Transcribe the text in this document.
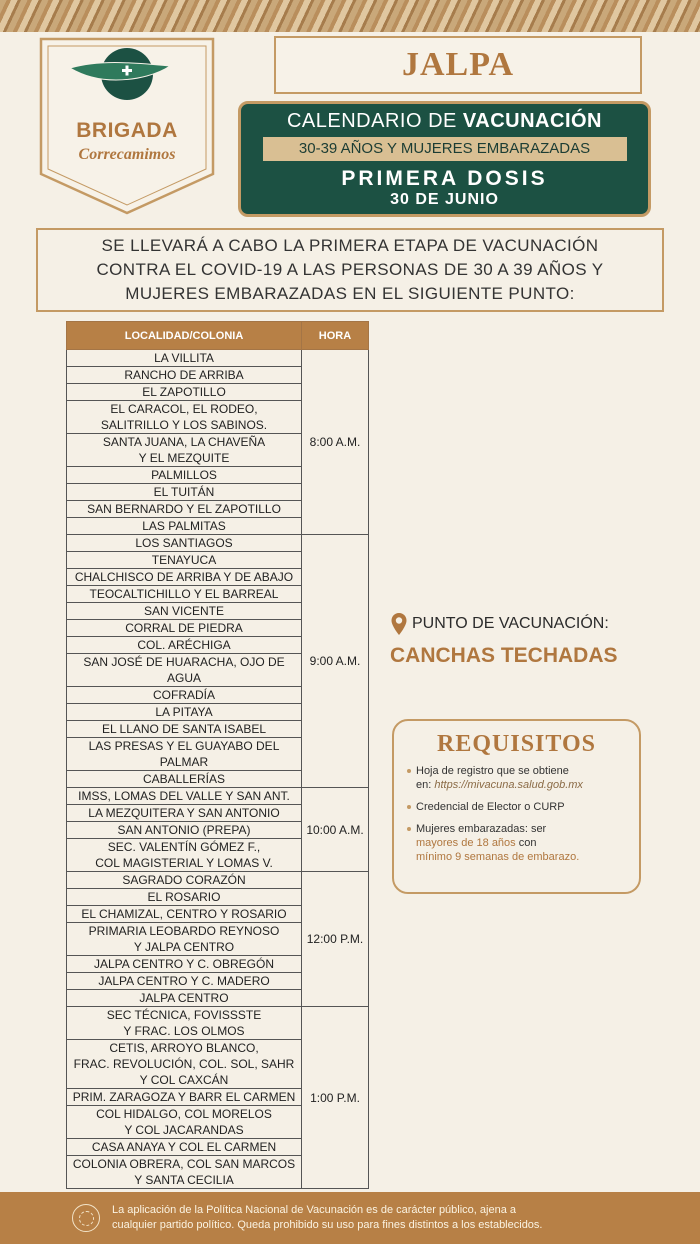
BRIGADA
Correcamimos
JALPA
CALENDARIO DE VACUNACIÓN
30-39 AÑOS Y MUJERES EMBARAZADAS
PRIMERA DOSIS
30 DE JUNIO
SE LLEVARÁ A CABO LA PRIMERA ETAPA DE VACUNACIÓN
CONTRA EL COVID-19 A LAS PERSONAS DE 30 A 39 AÑOS Y
MUJERES EMBARAZADAS EN EL SIGUIENTE PUNTO:
LOCALIDAD/COLONIA	HORA

LA VILLITA	8:00 A.M.

RANCHO DE ARRIBA	

EL ZAPOTILLO	

EL CARACOL, EL RODEO,
SALITRILLO Y LOS SABINOS.	

SANTA JUANA, LA CHAVEÑA
Y EL MEZQUITE	

PALMILLOS	

EL TUITÁN	

SAN BERNARDO Y EL ZAPOTILLO	

LAS PALMITAS	

LOS SANTIAGOS	9:00 A.M.

TENAYUCA	

CHALCHISCO DE ARRIBA Y DE ABAJO	

TEOCALTICHILLO Y EL BARREAL	

SAN VICENTE	

CORRAL DE PIEDRA	

COL. ARÉCHIGA	

SAN JOSÉ DE HUARACHA, OJO DE AGUA	

COFRADÍA	

LA PITAYA	

EL LLANO DE SANTA ISABEL	

LAS PRESAS Y EL GUAYABO DEL PALMAR	

CABALLERÍAS	

IMSS, LOMAS DEL VALLE Y SAN ANT.	10:00 A.M.

LA MEZQUITERA Y SAN ANTONIO	

SAN ANTONIO (PREPA)	

SEC. VALENTÍN GÓMEZ F.,
COL MAGISTERIAL Y LOMAS V.	

SAGRADO CORAZÓN	12:00 P.M.

EL ROSARIO	

EL CHAMIZAL, CENTRO Y ROSARIO	

PRIMARIA LEOBARDO REYNOSO
Y JALPA CENTRO	

JALPA CENTRO Y C. OBREGÓN	

JALPA CENTRO Y C. MADERO	

JALPA CENTRO	

SEC TÉCNICA, FOVISSSTE
Y FRAC. LOS OLMOS	1:00 P.M.

CETIS, ARROYO BLANCO,
FRAC. REVOLUCIÓN, COL. SOL, SAHR
Y COL CAXCÁN	

PRIM. ZARAGOZA Y BARR EL CARMEN	

COL HIDALGO, COL MORELOS
Y COL JACARANDAS	

CASA ANAYA Y COL EL CARMEN	

COLONIA OBRERA, COL SAN MARCOS
Y SANTA CECILIA	
PUNTO DE VACUNACIÓN:
CANCHAS TECHADAS
REQUISITOS
Hoja de registro que se obtiene
en: https://mivacuna.salud.gob.mx
Credencial de Elector o CURP
Mujeres embarazadas: ser
mayores de 18 años con
mínimo 9 semanas de embarazo.
La aplicación de la Política Nacional de Vacunación es de carácter público, ajena a
cualquier partido político. Queda prohibido su uso para fines distintos a los establecidos.
